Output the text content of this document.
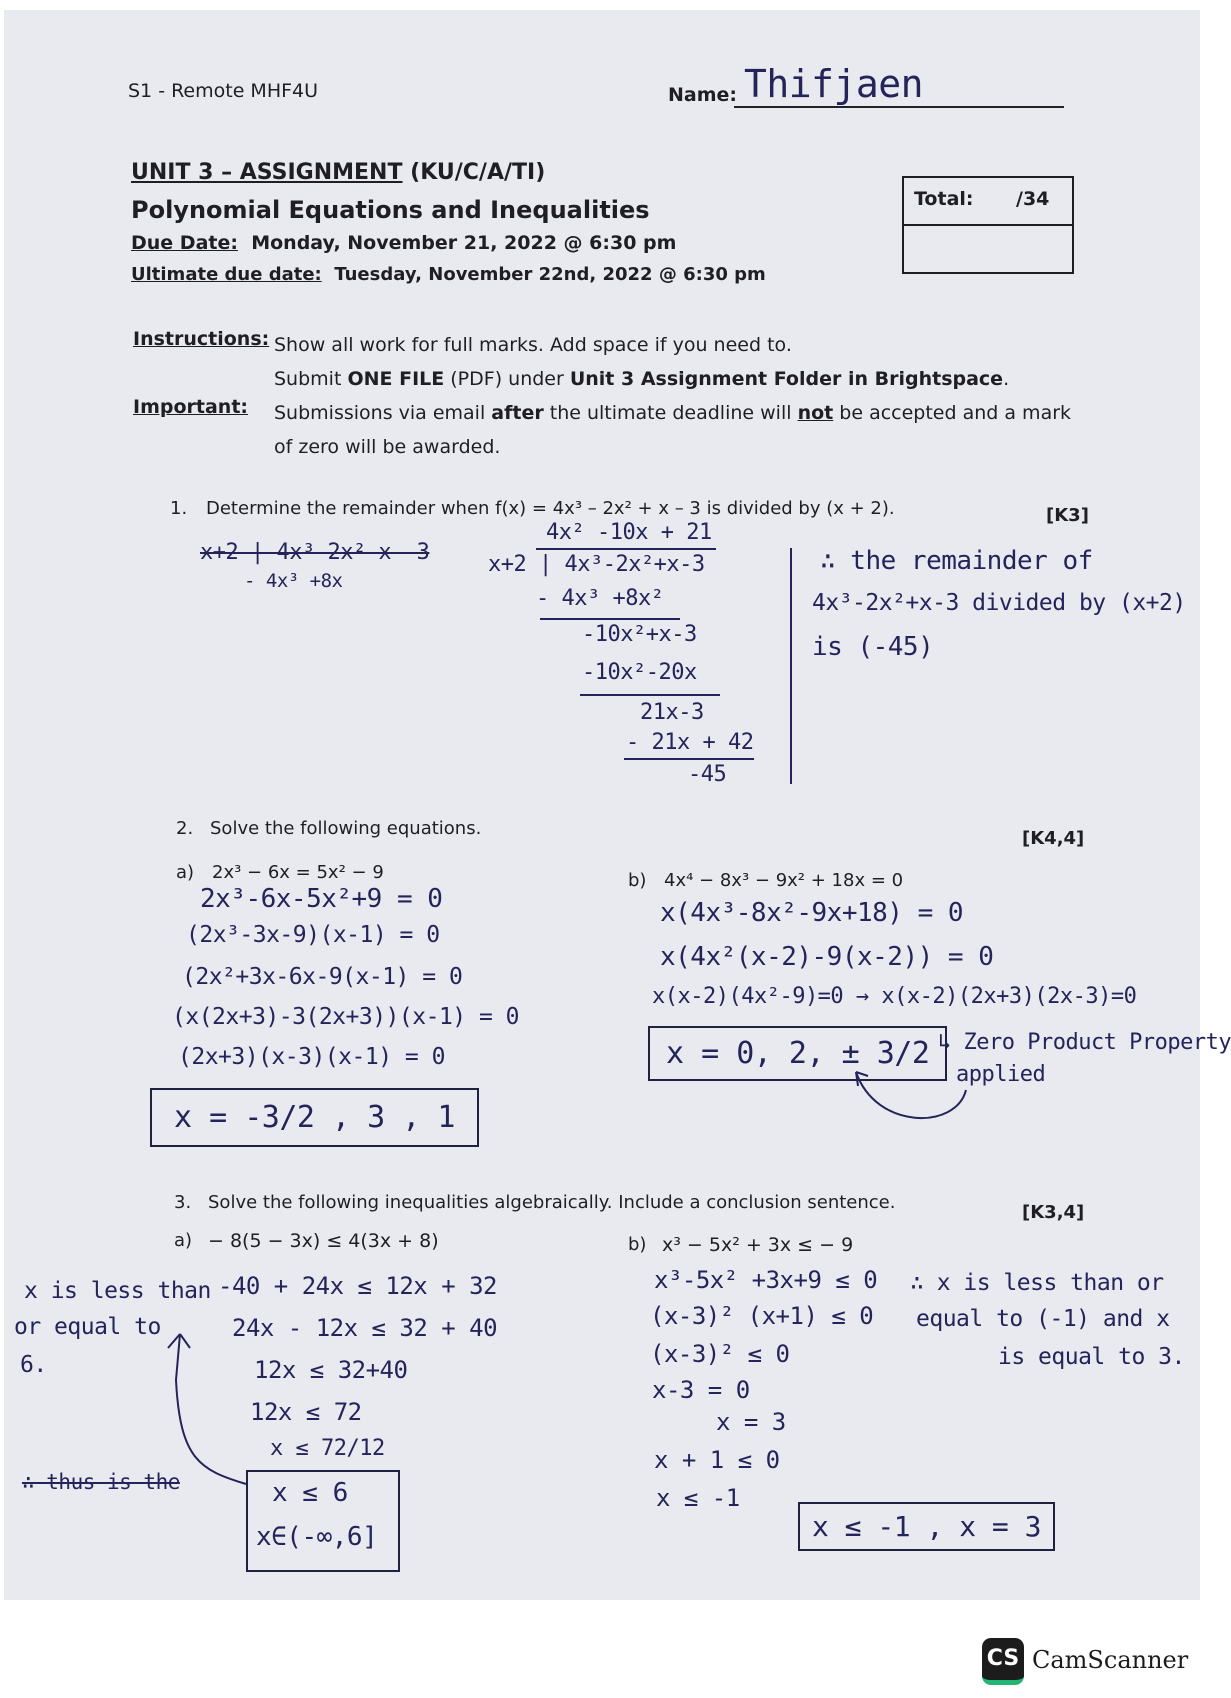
S1 - Remote MHF4U	Name: Thifjaen
UNIT 3 – ASSIGNMENT (KU/C/A/TI)
Polynomial Equations and Inequalities
Due Date: Monday, November 21, 2022 @ 6:30 pm
Ultimate due date: Tuesday, November 22nd, 2022 @ 6:30 pm
Total: /34
Instructions: Show all work for full marks. Add space if you need to.
Submit ONE FILE (PDF) under Unit 3 Assignment Folder in Brightspace.
Important: Submissions via email after the ultimate deadline will not be accepted and a mark
of zero will be awarded.
1. Determine the remainder when f(x) = 4x³ – 2x² + x – 3 is divided by (x + 2).	[K3]
x+2 | 4x³ 2x² x -3
- 4x³ +8x
4x² -10x + 21
x+2 | 4x³-2x²+x-3
- 4x³ +8x²
-10x²+x-3
-10x²-20x
21x-3
- 21x + 42
-45
∴ the remainder of
4x³-2x²+x-3 divided by (x+2)
is (-45)
2. Solve the following equations.	[K4,4]
a) 2x³ − 6x = 5x² − 9
2x³-6x-5x²+9 = 0
(2x³-3x-9)(x-1) = 0
(2x²+3x-6x-9(x-1) = 0
(x(2x+3)-3(2x+3))(x-1) = 0
(2x+3)(x-3)(x-1) = 0
x = -3/2 , 3 , 1
b) 4x⁴ − 8x³ − 9x² + 18x = 0
x(4x³-8x²-9x+18) = 0
x(4x²(x-2)-9(x-2)) = 0
x(x-2)(4x²-9)=0 → x(x-2)(2x+3)(2x-3)=0
x = 0, 2, ± 3/2 ↳ Zero Product Property
applied
3. Solve the following inequalities algebraically. Include a conclusion sentence.	[K3,4]
a) − 8(5 − 3x) ≤ 4(3x + 8)
-40 + 24x ≤ 12x + 32
24x - 12x ≤ 32 + 40
12x ≤ 32+40
12x ≤ 72
x ≤ 72/12
x ≤ 6
x∈(-∞,6]
x is less than
or equal to
6.
∴ thus is the
b) x³ − 5x² + 3x ≤ − 9
x³-5x² +3x+9 ≤ 0
(x-3)² (x+1) ≤ 0
(x-3)² ≤ 0
x-3 = 0
x = 3
x + 1 ≤ 0
x ≤ -1
x ≤ -1 , x = 3
∴ x is less than or
equal to (-1) and x
is equal to 3.
CS CamScanner
